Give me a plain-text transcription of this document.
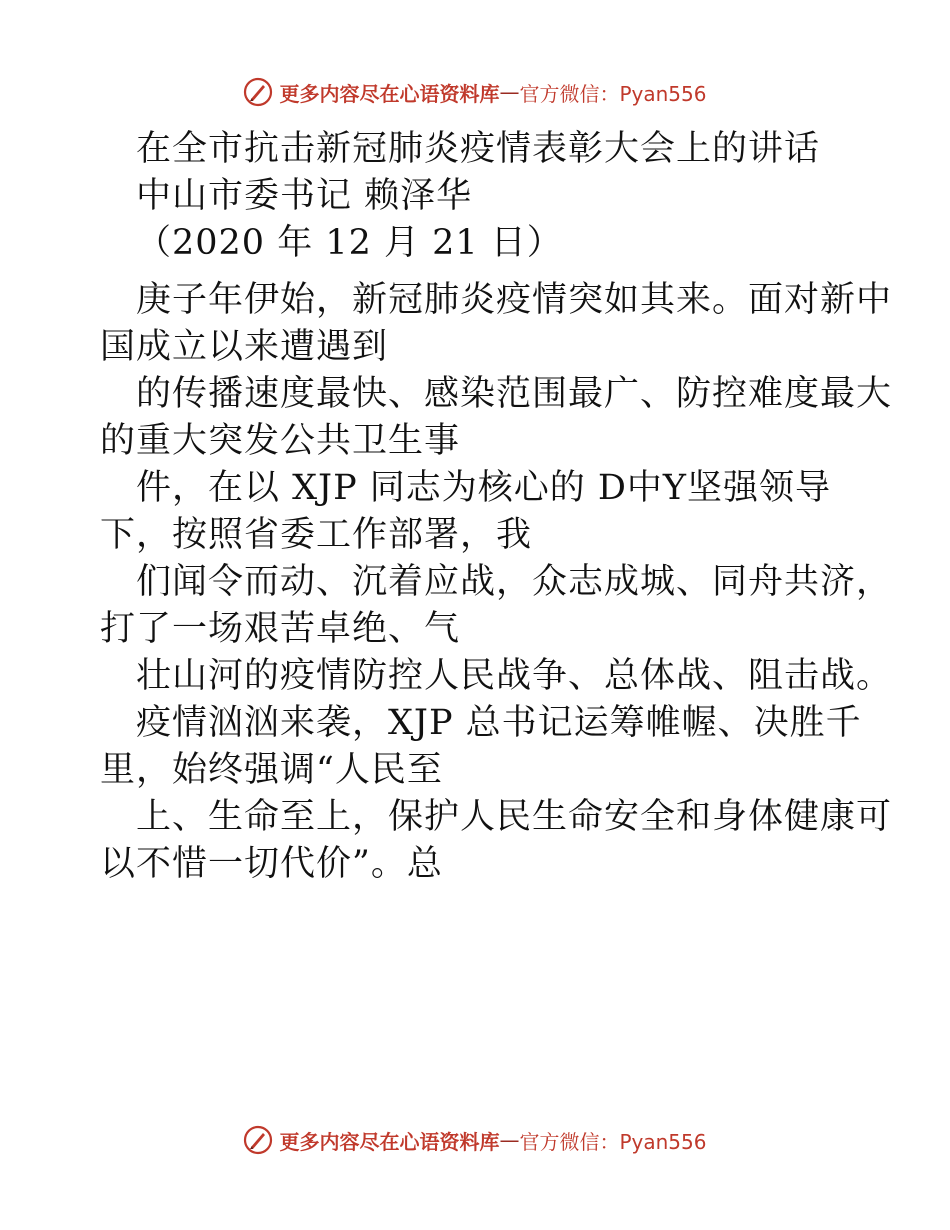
更多内容尽在心语资料库 — 官方微信：Pyan556
在全市抗击新冠肺炎疫情表彰大会上的讲话
中山市委书记 赖泽华
（2020 年 12 月 21 日）
庚子年伊始，新冠肺炎疫情突如其来。面对新中
国成立以来遭遇到
的传播速度最快、感染范围最广、防控难度最大
的重大突发公共卫生事
件，在以 XJP 同志为核心的 D中Y坚强领导
下，按照省委工作部署，我
们闻令而动、沉着应战，众志成城、同舟共济，
打了一场艰苦卓绝、气
壮山河的疫情防控人民战争、总体战、阻击战。
疫情汹汹来袭，XJP 总书记运筹帷幄、决胜千
里，始终强调“人民至
上、生命至上，保护人民生命安全和身体健康可
以不惜一切代价”。总
更多内容尽在心语资料库 — 官方微信：Pyan556
